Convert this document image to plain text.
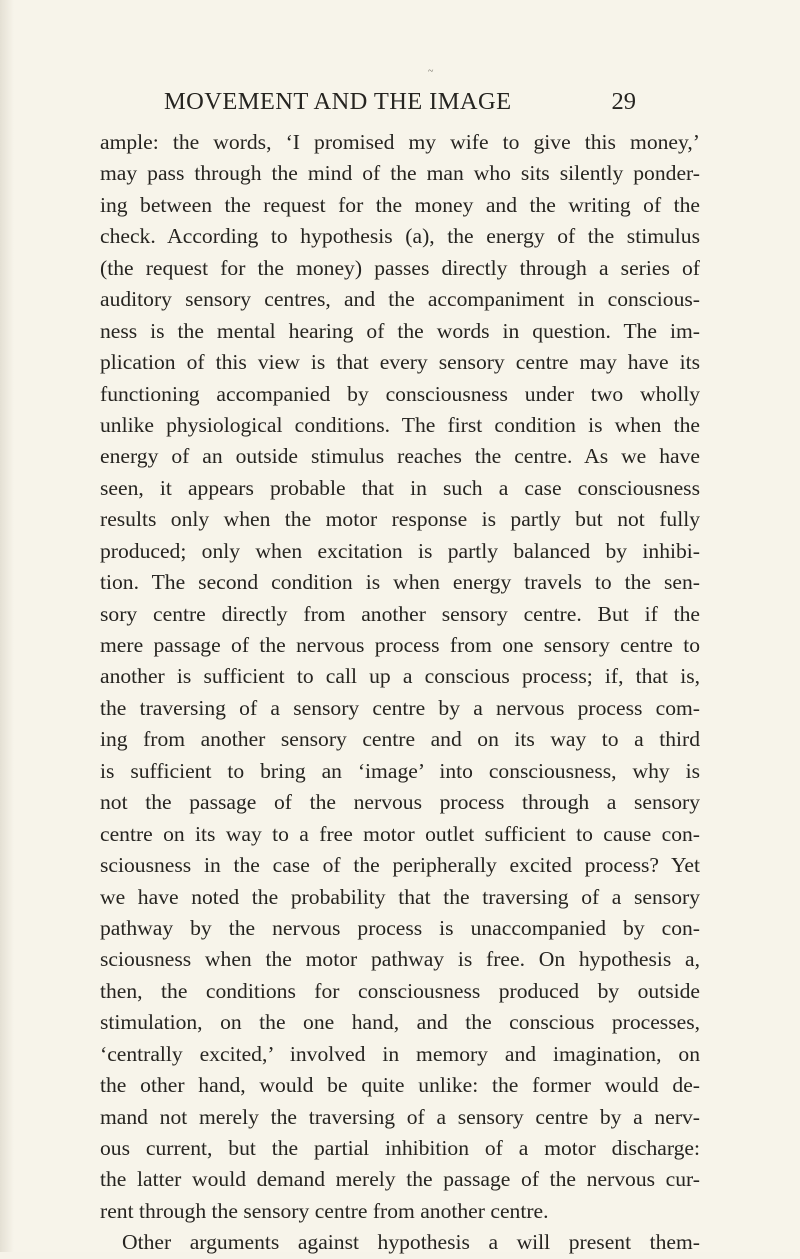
~
MOVEMENT AND THE IMAGE	29
ample: the words, ‘I promised my wife to give this money,’
may pass through the mind of the man who sits silently ponder-
ing between the request for the money and the writing of the
check. According to hypothesis (a), the energy of the stimulus
(the request for the money) passes directly through a series of
auditory sensory centres, and the accompaniment in conscious-
ness is the mental hearing of the words in question. The im-
plication of this view is that every sensory centre may have its
functioning accompanied by consciousness under two wholly
unlike physiological conditions. The first condition is when the
energy of an outside stimulus reaches the centre. As we have
seen, it appears probable that in such a case consciousness
results only when the motor response is partly but not fully
produced; only when excitation is partly balanced by inhibi-
tion. The second condition is when energy travels to the sen-
sory centre directly from another sensory centre. But if the
mere passage of the nervous process from one sensory centre to
another is sufficient to call up a conscious process; if, that is,
the traversing of a sensory centre by a nervous process com-
ing from another sensory centre and on its way to a third
is sufficient to bring an ‘image’ into consciousness, why is
not the passage of the nervous process through a sensory
centre on its way to a free motor outlet sufficient to cause con-
sciousness in the case of the peripherally excited process? Yet
we have noted the probability that the traversing of a sensory
pathway by the nervous process is unaccompanied by con-
sciousness when the motor pathway is free. On hypothesis a,
then, the conditions for consciousness produced by outside
stimulation, on the one hand, and the conscious processes,
‘centrally excited,’ involved in memory and imagination, on
the other hand, would be quite unlike: the former would de-
mand not merely the traversing of a sensory centre by a nerv-
ous current, but the partial inhibition of a motor discharge:
the latter would demand merely the passage of the nervous cur-
rent through the sensory centre from another centre.
Other arguments against hypothesis a will present them-
